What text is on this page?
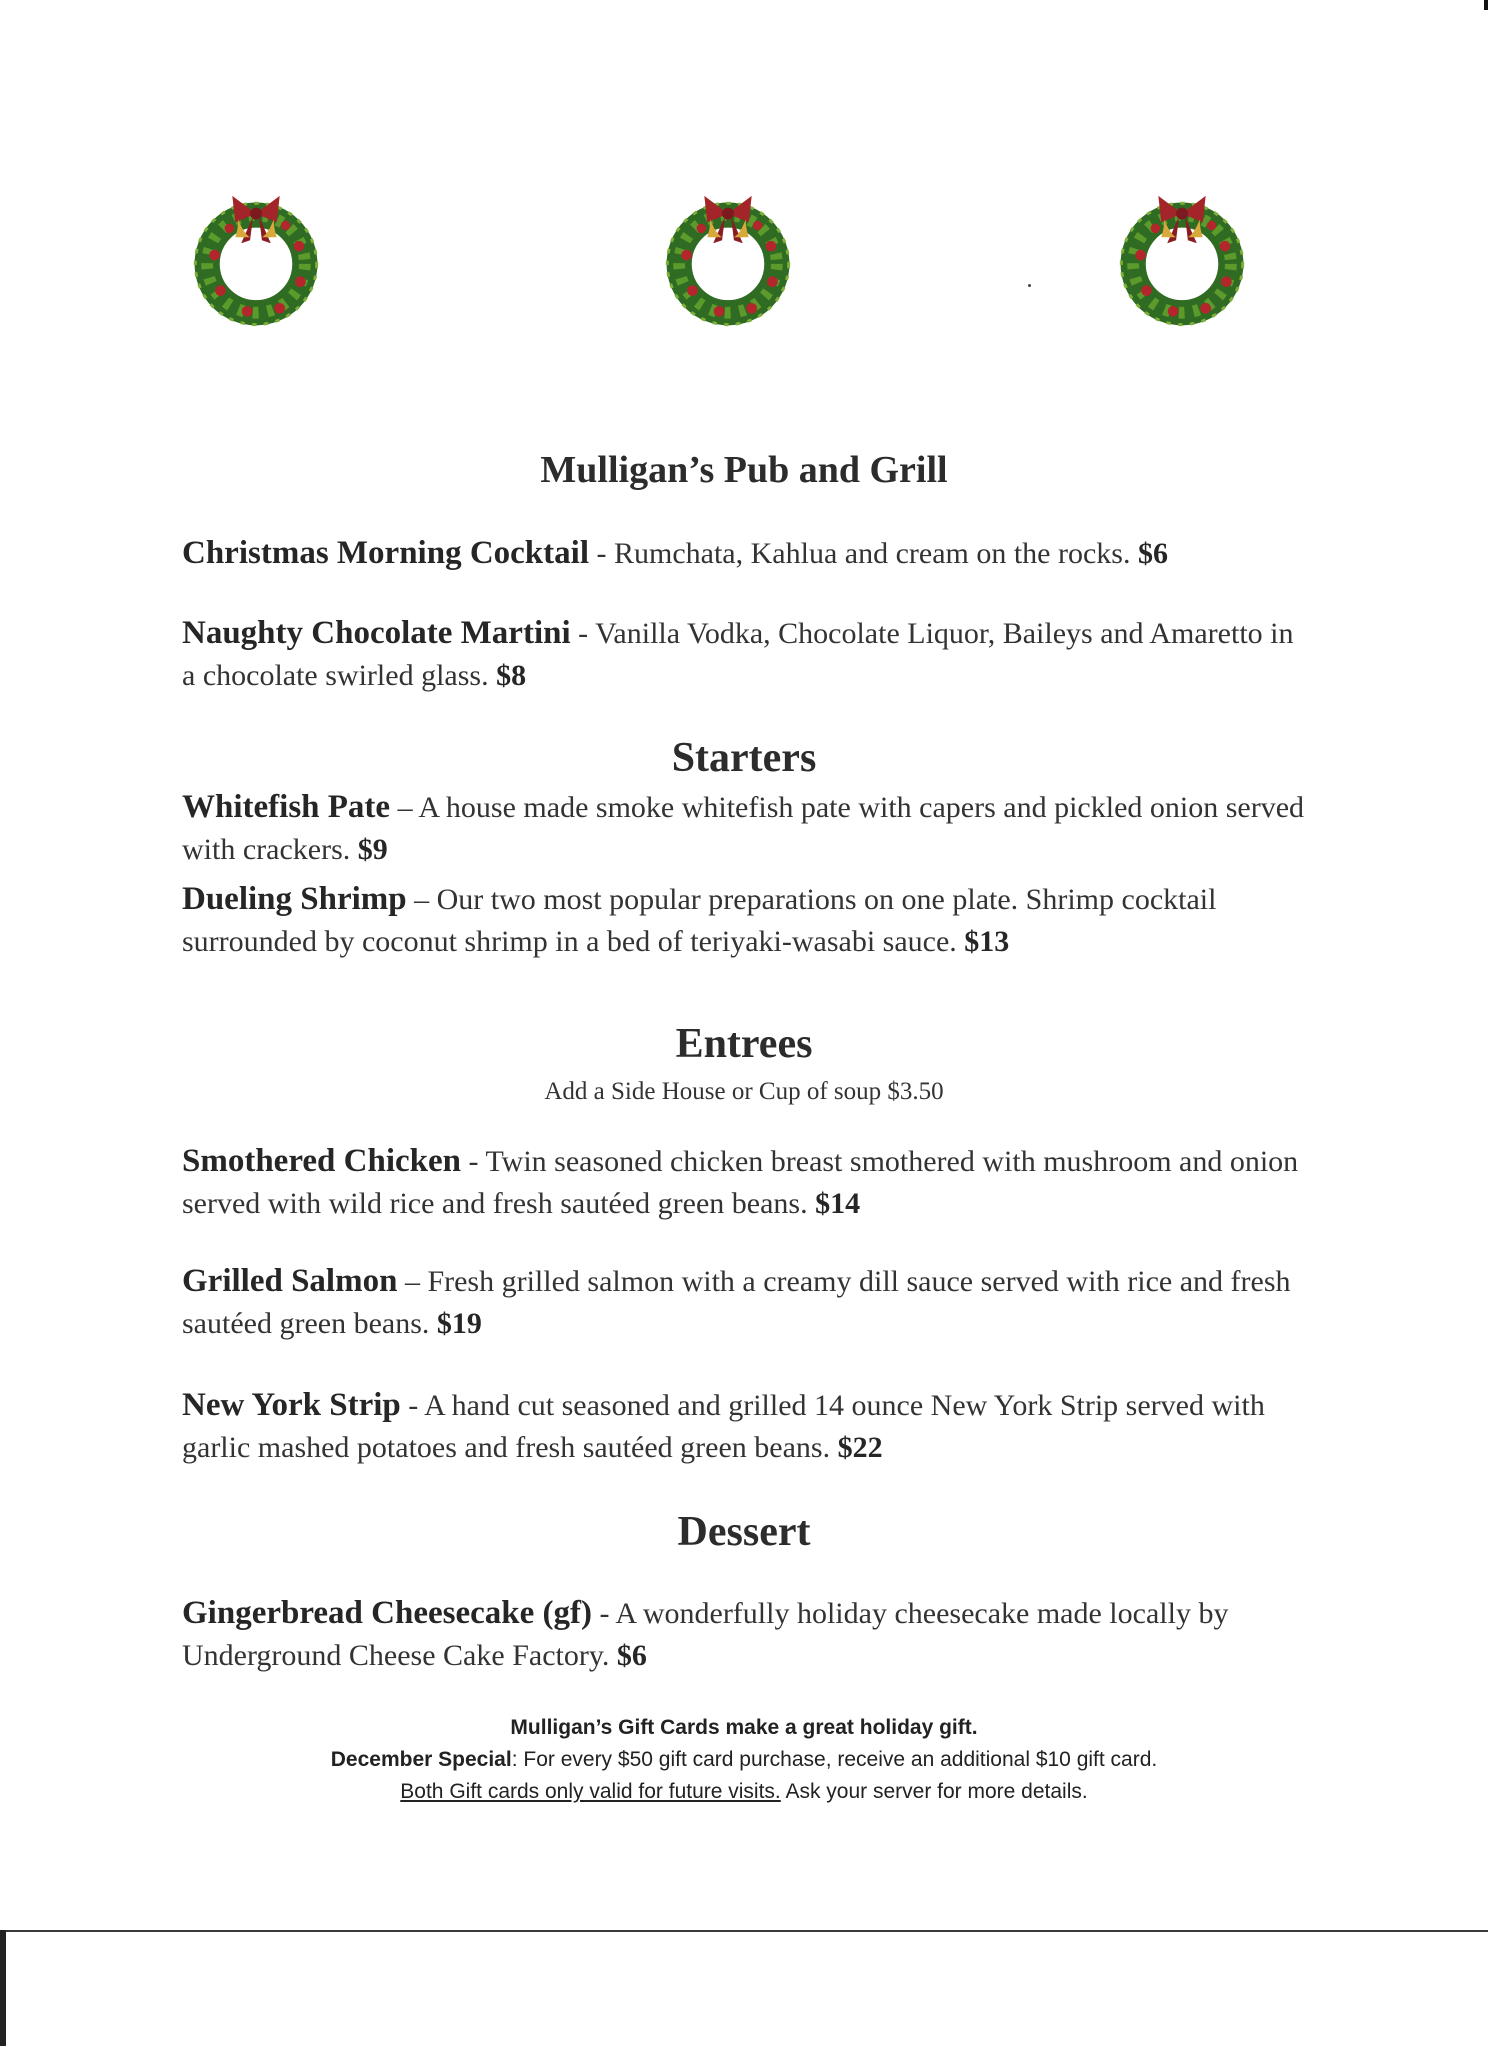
Mulligan’s Pub and Grill
Christmas Morning Cocktail - Rumchata, Kahlua and cream on the rocks. $6
Naughty Chocolate Martini - Vanilla Vodka, Chocolate Liquor, Baileys and Amaretto in a chocolate swirled glass. $8
Starters
Whitefish Pate – A house made smoke whitefish pate with capers and pickled onion served with crackers. $9
Dueling Shrimp – Our two most popular preparations on one plate. Shrimp cocktail surrounded by coconut shrimp in a bed of teriyaki-wasabi sauce. $13
Entrees
Add a Side House or Cup of soup $3.50
Smothered Chicken - Twin seasoned chicken breast smothered with mushroom and onion served with wild rice and fresh sautéed green beans. $14
Grilled Salmon – Fresh grilled salmon with a creamy dill sauce served with rice and fresh sautéed green beans. $19
New York Strip - A hand cut seasoned and grilled 14 ounce New York Strip served with garlic mashed potatoes and fresh sautéed green beans. $22
Dessert
Gingerbread Cheesecake (gf) - A wonderfully holiday cheesecake made locally by Underground Cheese Cake Factory. $6
Mulligan’s Gift Cards make a great holiday gift.
December Special: For every $50 gift card purchase, receive an additional $10 gift card.
Both Gift cards only valid for future visits. Ask your server for more details.
